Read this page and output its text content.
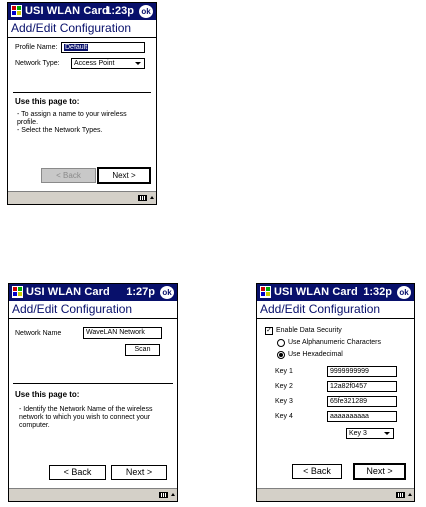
USI WLAN Card
1:23p ok
Add/Edit Configuration
Profile Name:	Default
Network Type:	Access Point
Use this page to:
- To assign a name to your wireless profile.
- Select the Network Types.
< Back	Next >
USI WLAN Card 1:27p ok
Add/Edit Configuration
Network Name	WaveLAN Network
Scan
Use this page to:
- Identify the Network Name of the wireless network to which you wish to connect your computer.
< Back	Next >
USI WLAN Card 1:32p ok
Add/Edit Configuration
✓ Enable Data Security
Use Alphanumeric Characters
Use Hexadecimal
Key 1	9999999999
Key 2	12a82f0457
Key 3	65fe321289
Key 4	aaaaaaaaaa
Key 3
< Back	Next >
